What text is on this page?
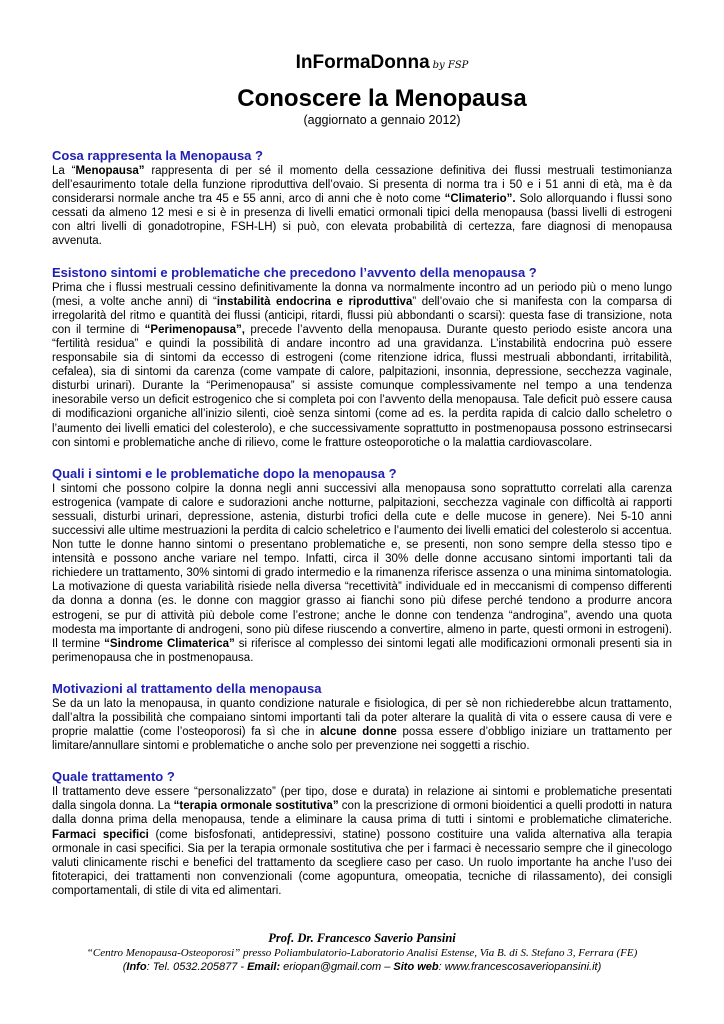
InFormaDonna by FSP
Conoscere la Menopausa
(aggiornato a gennaio 2012)
Cosa rappresenta la Menopausa ?

La “Menopausa” rappresenta di per sé il momento della cessazione definitiva dei flussi mestruali testimonianza dell’esaurimento totale della funzione riproduttiva dell’ovaio. Si presenta di norma tra i 50 e i 51 anni di età, ma è da considerarsi normale anche tra 45 e 55 anni, arco di anni che è noto come “Climaterio”. Solo allorquando i flussi sono cessati da almeno 12 mesi e si è in presenza di livelli ematici ormonali tipici della menopausa (bassi livelli di estrogeni con altri livelli di gonadotropine, FSH-LH) si può, con elevata probabilità di certezza, fare diagnosi di menopausa avvenuta.

Esistono sintomi e problematiche che precedono l’avvento della menopausa ?

Prima che i flussi mestruali cessino definitivamente la donna va normalmente incontro ad un periodo più o meno lungo (mesi, a volte anche anni) di “instabilità endocrina e riproduttiva” dell’ovaio che si manifesta con la comparsa di irregolarità del ritmo e quantità dei flussi (anticipi, ritardi, flussi più abbondanti o scarsi): questa fase di transizione, nota con il termine di “Perimenopausa”, precede l’avvento della menopausa. Durante questo periodo esiste ancora una “fertilità residua” e quindi la possibilità di andare incontro ad una gravidanza. L’instabilità endocrina può essere responsabile sia di sintomi da eccesso di estrogeni (come ritenzione idrica, flussi mestruali abbondanti, irritabilità, cefalea), sia di sintomi da carenza (come vampate di calore, palpitazioni, insonnia, depressione, secchezza vaginale, disturbi urinari). Durante la “Perimenopausa” si assiste comunque complessivamente nel tempo a una tendenza inesorabile verso un deficit estrogenico che si completa poi con l’avvento della menopausa. Tale deficit può essere causa di modificazioni organiche all’inizio silenti, cioè senza sintomi (come ad es. la perdita rapida di calcio dallo scheletro o l’aumento dei livelli ematici del colesterolo), e che successivamente soprattutto in postmenopausa possono estrinsecarsi con sintomi e problematiche anche di rilievo, come le fratture osteoporotiche o la malattia cardiovascolare.

Quali i sintomi e le problematiche dopo la menopausa ?

I sintomi che possono colpire la donna negli anni successivi alla menopausa sono soprattutto correlati alla carenza estrogenica (vampate di calore e sudorazioni anche notturne, palpitazioni, secchezza vaginale con difficoltà ai rapporti sessuali, disturbi urinari, depressione, astenia, disturbi trofici della cute e delle mucose in genere). Nei 5-10 anni successivi alle ultime mestruazioni la perdita di calcio scheletrico e l’aumento dei livelli ematici del colesterolo si accentua. Non tutte le donne hanno sintomi o presentano problematiche e, se presenti, non sono sempre della stesso tipo e intensità e possono anche variare nel tempo. Infatti, circa il 30% delle donne accusano sintomi importanti tali da richiedere un trattamento, 30% sintomi di grado intermedio e la rimanenza riferisce assenza o una minima sintomatologia. La motivazione di questa variabilità risiede nella diversa “recettività” individuale ed in meccanismi di compenso differenti da donna a donna (es. le donne con maggior grasso ai fianchi sono più difese perché tendono a produrre ancora estrogeni, se pur di attività più debole come l’estrone; anche le donne con tendenza “androgina”, avendo una quota modesta ma importante di androgeni, sono più difese riuscendo a convertire, almeno in parte, questi ormoni in estrogeni). Il termine “Sindrome Climaterica” si riferisce al complesso dei sintomi legati alle modificazioni ormonali presenti sia in perimenopausa che in postmenopausa.

Motivazioni al trattamento della menopausa

Se da un lato la menopausa, in quanto condizione naturale e fisiologica, di per sè non richiederebbe alcun trattamento, dall’altra la possibilità che compaiano sintomi importanti tali da poter alterare la qualità di vita o essere causa di vere e proprie malattie (come l’osteoporosi) fa sì che in alcune donne possa essere d’obbligo iniziare un trattamento per limitare/annullare sintomi e problematiche o anche solo per prevenzione nei soggetti a rischio.

Quale trattamento ?

Il trattamento deve essere “personalizzato” (per tipo, dose e durata) in relazione ai sintomi e problematiche presentati dalla singola donna. La “terapia ormonale sostitutiva” con la prescrizione di ormoni bioidentici a quelli prodotti in natura dalla donna prima della menopausa, tende a eliminare la causa prima di tutti i sintomi e problematiche climateriche. Farmaci specifici (come bisfosfonati, antidepressivi, statine) possono costituire una valida alternativa alla terapia ormonale in casi specifici. Sia per la terapia ormonale sostitutiva che per i farmaci è necessario sempre che il ginecologo valuti clinicamente rischi e benefici del trattamento da scegliere caso per caso. Un ruolo importante ha anche l’uso dei fitoterapici, dei trattamenti non convenzionali (come agopuntura, omeopatia, tecniche di rilassamento), dei consigli comportamentali, di stile di vita ed alimentari.

Prof. Dr. Francesco Saverio Pansini
“Centro Menopausa-Osteoporosi” presso Poliambulatorio-Laboratorio Analisi Estense, Via B. di S. Stefano 3, Ferrara (FE)
(Info: Tel. 0532.205877 - Email: eriopan@gmail.com – Sito web: www.francescosaveriopansini.it)
